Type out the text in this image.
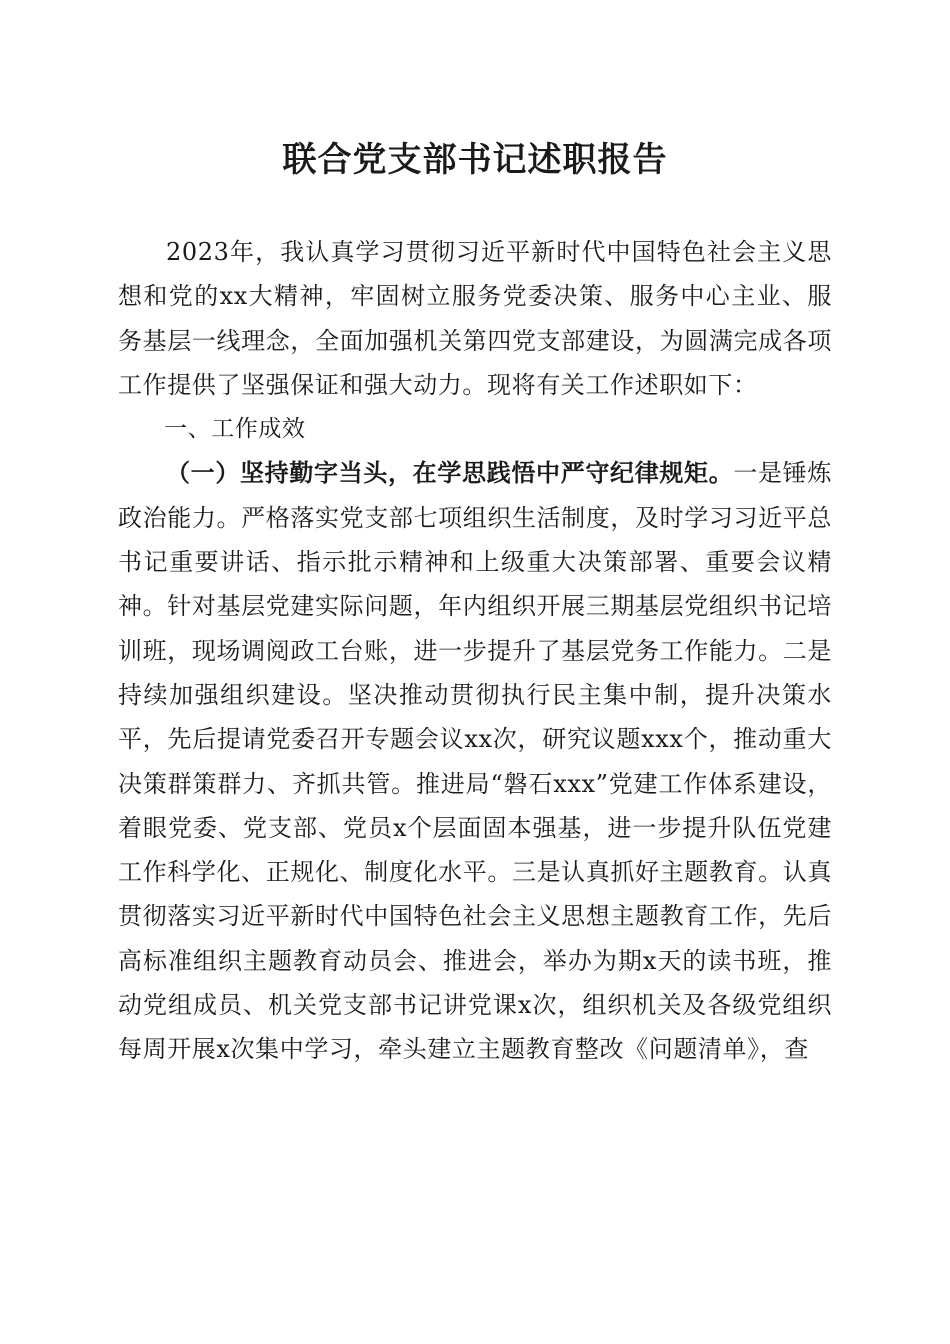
联合党支部书记述职报告

2023年，我认真学习贯彻习近平新时代中国特色社会主义思想和党的xx大精神，牢固树立服务党委决策、服务中心主业、服务基层一线理念，全面加强机关第四党支部建设，为圆满完成各项工作提供了坚强保证和强大动力。现将有关工作述职如下：

一、工作成效

（一）坚持勤字当头，在学思践悟中严守纪律规矩。一是锤炼政治能力。严格落实党支部七项组织生活制度，及时学习习近平总书记重要讲话、指示批示精神和上级重大决策部署、重要会议精神。针对基层党建实际问题，年内组织开展三期基层党组织书记培训班，现场调阅政工台账，进一步提升了基层党务工作能力。二是持续加强组织建设。坚决推动贯彻执行民主集中制，提升决策水平，先后提请党委召开专题会议xx次，研究议题xxx个，推动重大决策群策群力、齐抓共管。推进局“磐石xxx”党建工作体系建设，着眼党委、党支部、党员x个层面固本强基，进一步提升队伍党建工作科学化、正规化、制度化水平。三是认真抓好主题教育。认真贯彻落实习近平新时代中国特色社会主义思想主题教育工作，先后高标准组织主题教育动员会、推进会，举办为期x天的读书班，推动党组成员、机关党支部书记讲党课x次，组织机关及各级党组织每周开展x次集中学习，牵头建立主题教育整改《问题清单》，查
